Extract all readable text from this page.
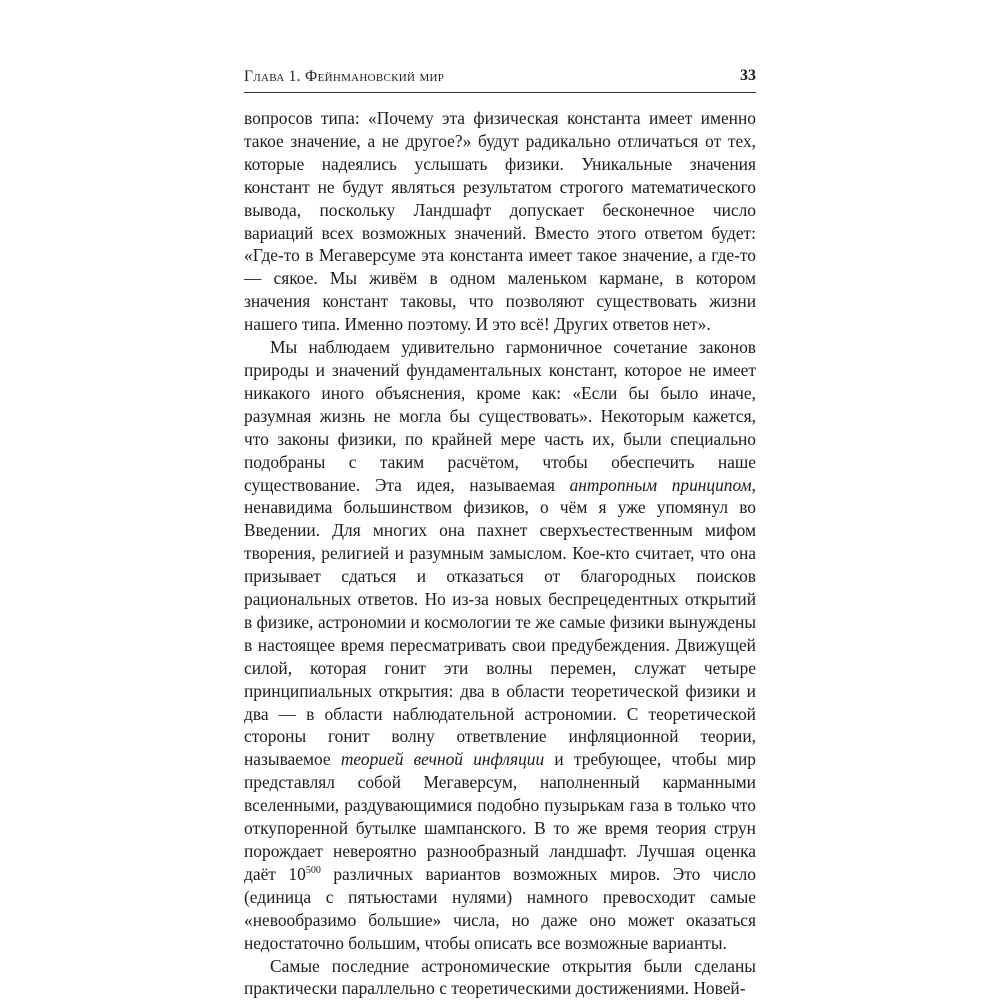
Глава 1. Фейнмановский мир	33

вопросов типа: «Почему эта физическая константа имеет именно такое значение, а не другое?» будут радикально отличаться от тех, которые надеялись услышать физики. Уникальные значения констант не будут являться результатом строгого математического вывода, поскольку Ландшафт допускает бесконечное число вариаций всех возможных значений. Вместо этого ответом будет: «Где-то в Мегаверсуме эта константа имеет такое значение, а где-то — сякое. Мы живём в одном маленьком кармане, в котором значения констант таковы, что позволяют существовать жизни нашего типа. Именно поэтому. И это всё! Других ответов нет».

Мы наблюдаем удивительно гармоничное сочетание законов природы и значений фундаментальных констант, которое не имеет никакого иного объяснения, кроме как: «Если бы было иначе, разумная жизнь не могла бы существовать». Некоторым кажется, что законы физики, по крайней мере часть их, были специально подобраны с таким расчётом, чтобы обеспечить наше существование. Эта идея, называемая антропным принципом, ненавидима большинством физиков, о чём я уже упомянул во Введении. Для многих она пахнет сверхъестественным мифом творения, религией и разумным замыслом. Кое-кто считает, что она призывает сдаться и отказаться от благородных поисков рациональных ответов. Но из-за новых беспрецедентных открытий в физике, астрономии и космологии те же самые физики вынуждены в настоящее время пересматривать свои предубеждения. Движущей силой, которая гонит эти волны перемен, служат четыре принципиальных открытия: два в области теоретической физики и два — в области наблюдательной астрономии. С теоретической стороны гонит волну ответвление инфляционной теории, называемое теорией вечной инфляции и требующее, чтобы мир представлял собой Мегаверсум, наполненный карманными вселенными, раздувающимися подобно пузырькам газа в только что откупоренной бутылке шампанского. В то же время теория струн порождает невероятно разнообразный ландшафт. Лучшая оценка даёт $10^{500}$ различных вариантов возможных миров. Это число (единица с пятьюстами нулями) намного превосходит самые «невообразимо большие» числа, но даже оно может оказаться недостаточно большим, чтобы описать все возможные варианты.

Самые последние астрономические открытия были сделаны практически параллельно с теоретическими достижениями. Новей-
